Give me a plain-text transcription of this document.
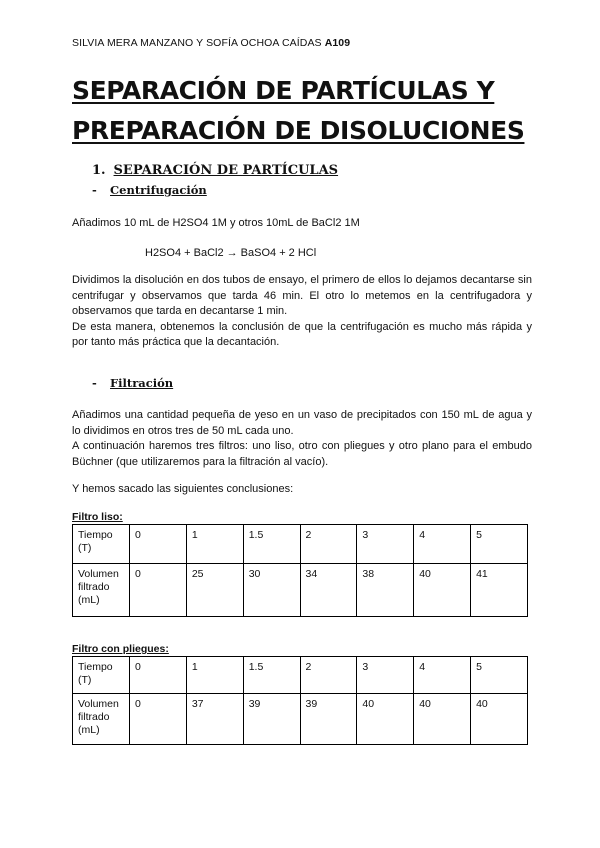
SILVIA MERA MANZANO Y SOFÍA OCHOA CAÍDAS A109
SEPARACIÓN DE PARTÍCULAS Y
PREPARACIÓN DE DISOLUCIONES
1. SEPARACIÓN DE PARTÍCULAS
- Centrifugación
Añadimos 10 mL de H2SO4 1M y otros 10mL de BaCl2 1M
H2SO4 + BaCl2 → BaSO4 + 2 HCl

Dividimos la disolución en dos tubos de ensayo, el primero de ellos lo dejamos decantarse sin centrifugar y observamos que tarda 46 min. El otro lo metemos en la centrifugadora y observamos que tarda en decantarse 1 min.

De esta manera, obtenemos la conclusión de que la centrifugación es mucho más rápida y por tanto más práctica que la decantación.

- Filtración

Añadimos una cantidad pequeña de yeso en un vaso de precipitados con 150 mL de agua y lo dividimos en otros tres de 50 mL cada uno.

A continuación haremos tres filtros: uno liso, otro con pliegues y otro plano para el embudo Büchner (que utilizaremos para la filtración al vacío).

Y hemos sacado las siguientes conclusiones:
Filtro liso:
Tiempo (T)	0	1	1.5	2	3	4	5
Volumen filtrado (mL)	0	25	30	34	38	40	41
Filtro con pliegues:
Tiempo (T)	0	1	1.5	2	3	4	5
Volumen filtrado (mL)	0	37	39	39	40	40	40
